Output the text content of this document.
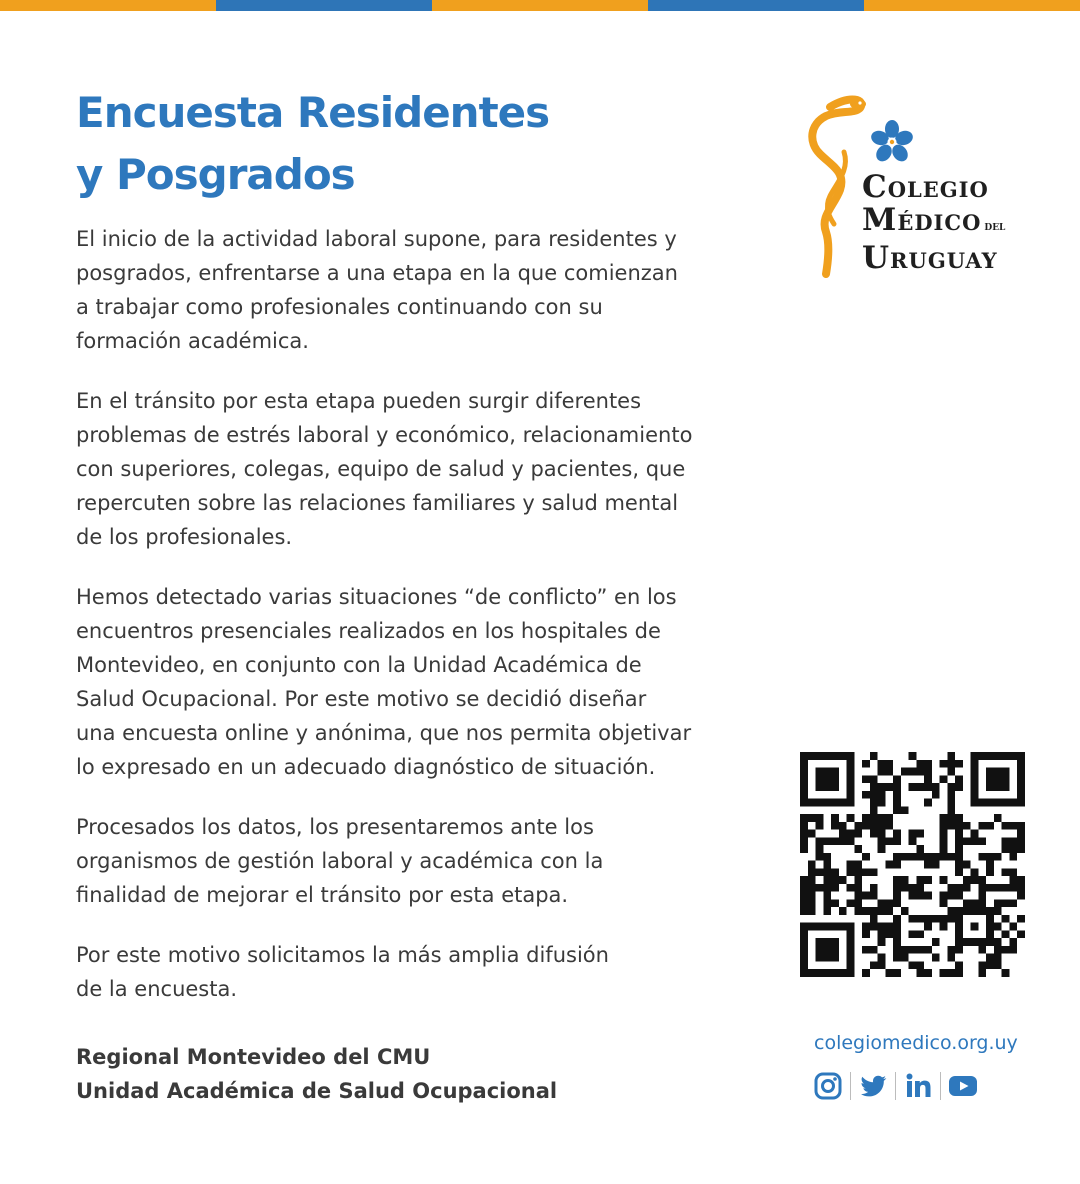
Encuesta Residentes
y Posgrados
El inicio de la actividad laboral supone, para residentes y
posgrados, enfrentarse a una etapa en la que comienzan
a trabajar como profesionales continuando con su
formación académica.
En el tránsito por esta etapa pueden surgir diferentes
problemas de estrés laboral y económico, relacionamiento
con superiores, colegas, equipo de salud y pacientes, que
repercuten sobre las relaciones familiares y salud mental
de los profesionales.
Hemos detectado varias situaciones “de conflicto” en los
encuentros presenciales realizados en los hospitales de
Montevideo, en conjunto con la Unidad Académica de
Salud Ocupacional. Por este motivo se decidió diseñar
una encuesta online y anónima, que nos permita objetivar
lo expresado en un adecuado diagnóstico de situación.
Procesados los datos, los presentaremos ante los
organismos de gestión laboral y académica con la
finalidad de mejorar el tránsito por esta etapa.
Por este motivo solicitamos la más amplia difusión
de la encuesta.
Regional Montevideo del CMU
Unidad Académica de Salud Ocupacional
COLEGIO
MÉDICO DEL
URUGUAY
colegiomedico.org.uy
